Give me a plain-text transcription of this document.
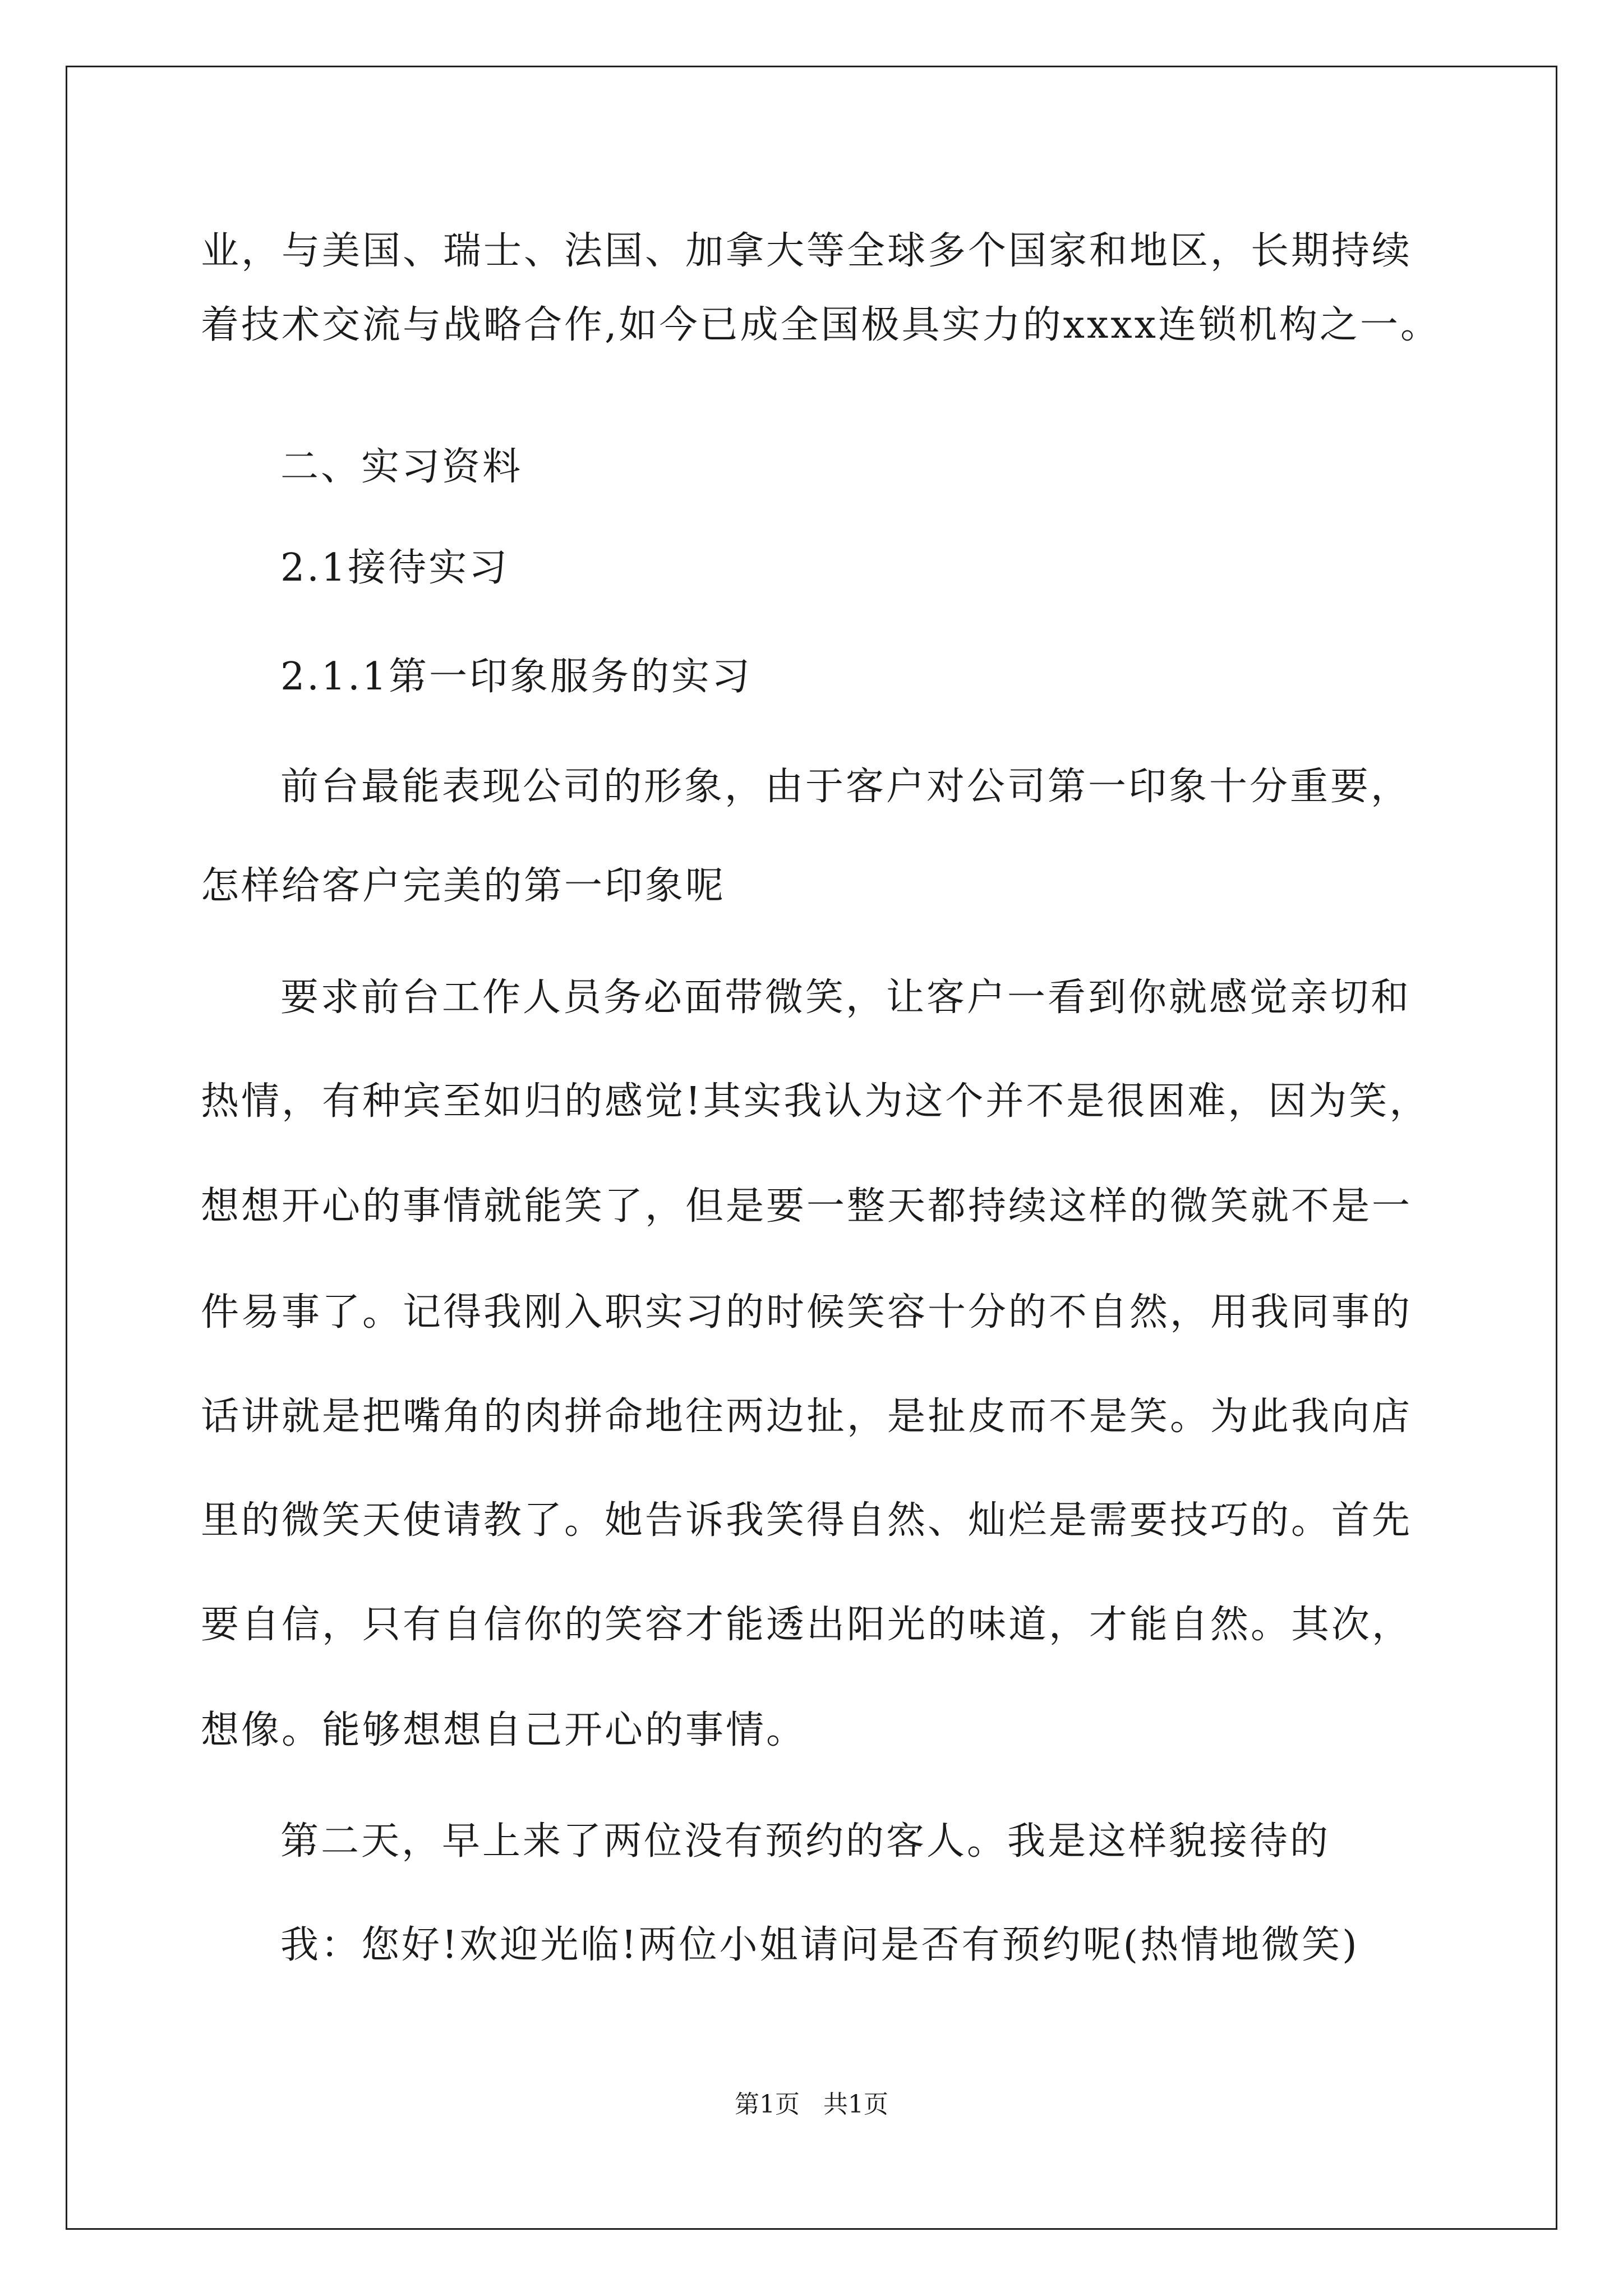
业，与美国、瑞士、法国、加拿大等全球多个国家和地区，长期持续
着技术交流与战略合作,如今已成全国极具实力的xxxx连锁机构之一。
二、实习资料
2.1接待实习
2.1.1第一印象服务的实习
前台最能表现公司的形象，由于客户对公司第一印象十分重要，
怎样给客户完美的第一印象呢
要求前台工作人员务必面带微笑，让客户一看到你就感觉亲切和
热情，有种宾至如归的感觉!其实我认为这个并不是很困难，因为笑，
想想开心的事情就能笑了，但是要一整天都持续这样的微笑就不是一
件易事了。记得我刚入职实习的时候笑容十分的不自然，用我同事的
话讲就是把嘴角的肉拼命地往两边扯，是扯皮而不是笑。为此我向店
里的微笑天使请教了。她告诉我笑得自然、灿烂是需要技巧的。首先
要自信，只有自信你的笑容才能透出阳光的味道，才能自然。其次，
想像。能够想想自己开心的事情。
第二天，早上来了两位没有预约的客人。我是这样貌接待的
我：您好!欢迎光临!两位小姐请问是否有预约呢(热情地微笑)
第1页   共1页
